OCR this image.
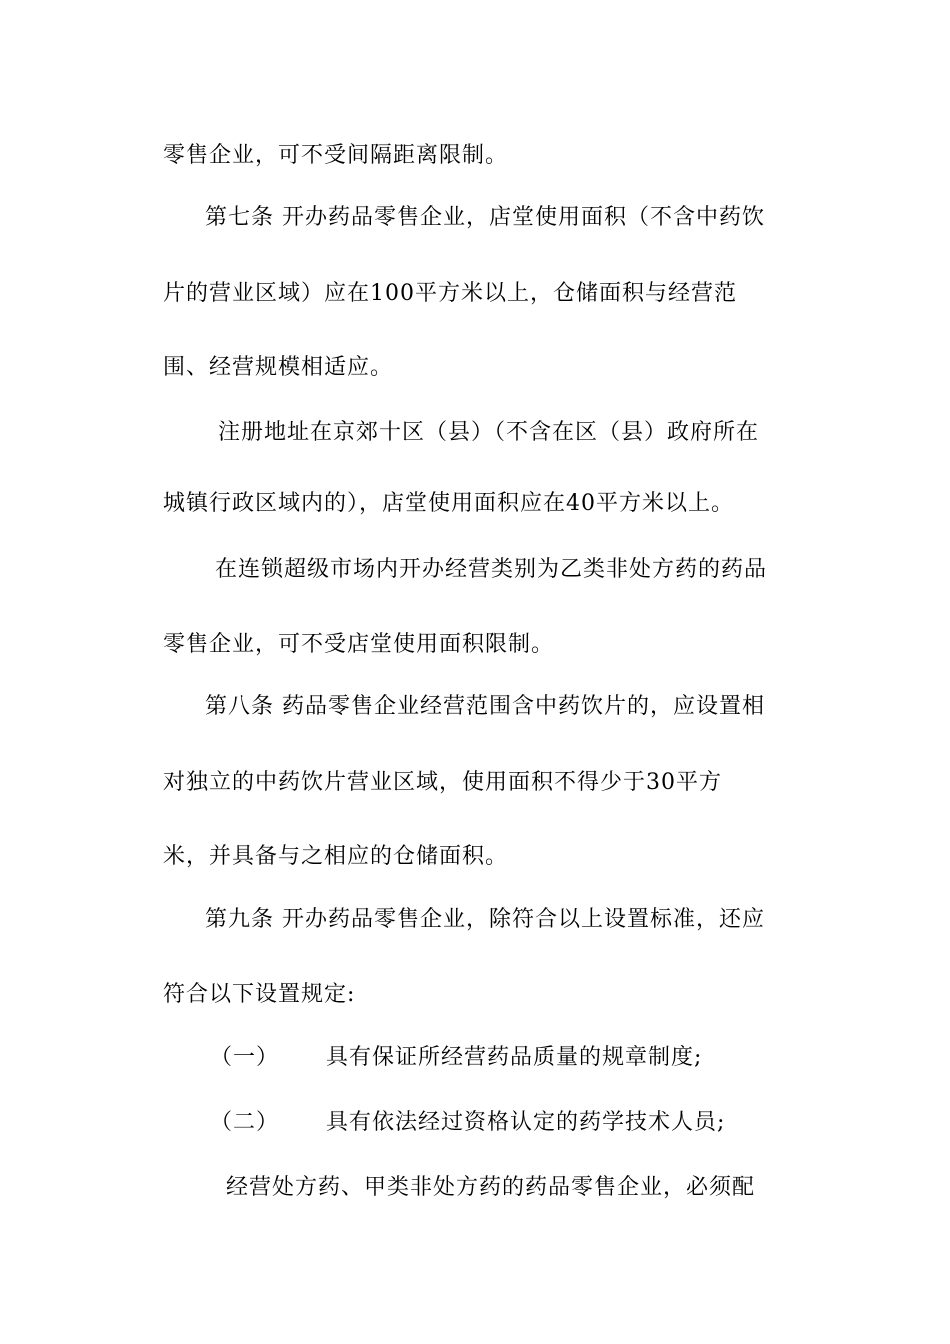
零售企业，可不受间隔距离限制。
第七条 开办药品零售企业，店堂使用面积（不含中药饮
片的营业区域）应在100平方米以上，仓储面积与经营范
围、经营规模相适应。
注册地址在京郊十区（县）（不含在区（县）政府所在
城镇行政区域内的），店堂使用面积应在40平方米以上。
在连锁超级市场内开办经营类别为乙类非处方药的药品
零售企业，可不受店堂使用面积限制。
第八条 药品零售企业经营范围含中药饮片的，应设置相
对独立的中药饮片营业区域，使用面积不得少于30平方
米，并具备与之相应的仓储面积。
第九条 开办药品零售企业，除符合以上设置标准，还应
符合以下设置规定:
（一） 具有保证所经营药品质量的规章制度;
（二） 具有依法经过资格认定的药学技术人员;
经营处方药、甲类非处方药的药品零售企业，必须配
